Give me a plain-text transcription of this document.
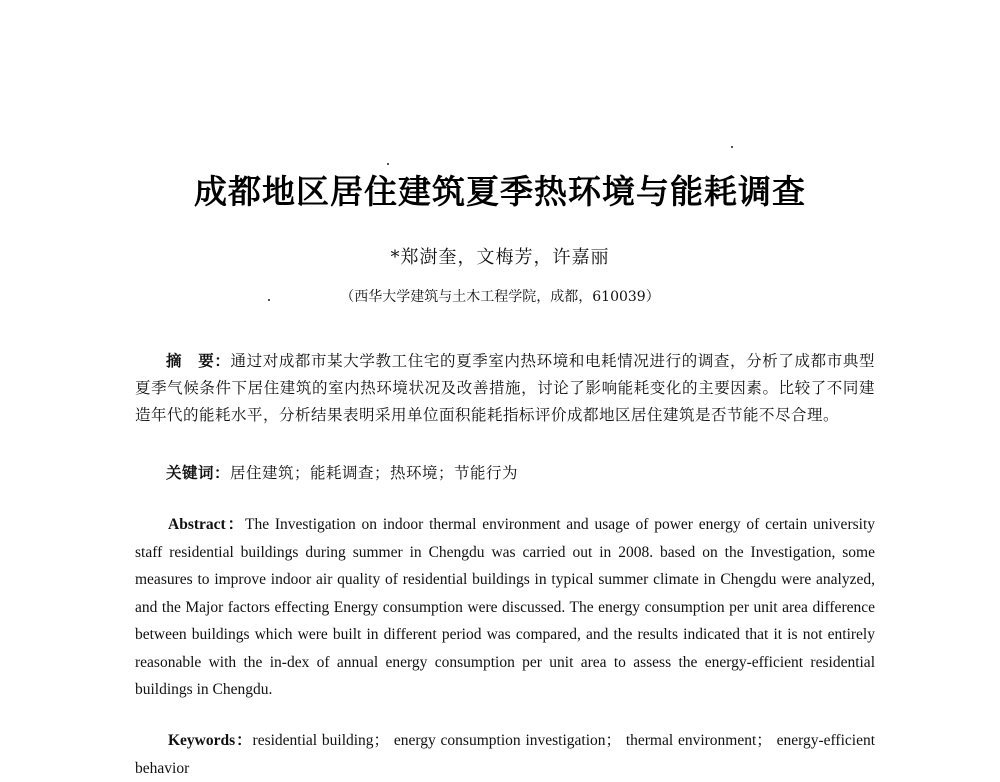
成都地区居住建筑夏季热环境与能耗调查
*郑澍奎，文梅芳，许嘉丽
（西华大学建筑与土木工程学院，成都，610039）
摘　要：通过对成都市某大学教工住宅的夏季室内热环境和电耗情况进行的调查，分析了成都市典型夏季气候条件下居住建筑的室内热环境状况及改善措施，讨论了影响能耗变化的主要因素。比较了不同建造年代的能耗水平，分析结果表明采用单位面积能耗指标评价成都地区居住建筑是否节能不尽合理。
关键词：居住建筑；能耗调查；热环境；节能行为
Abstract：The Investigation on indoor thermal environment and usage of power energy of certain university staff residential buildings during summer in Chengdu was carried out in 2008. based on the Investigation, some measures to improve indoor air quality of residential buildings in typical summer climate in Chengdu were analyzed, and the Major factors effecting Energy consumption were discussed. The energy consumption per unit area difference between buildings which were built in different period was compared, and the results indicated that it is not entirely reasonable with the in-dex of annual energy consumption per unit area to assess the energy-efficient residential buildings in Chengdu.
Keywords：residential building； energy consumption investigation； thermal environment； energy-efficient behavior
